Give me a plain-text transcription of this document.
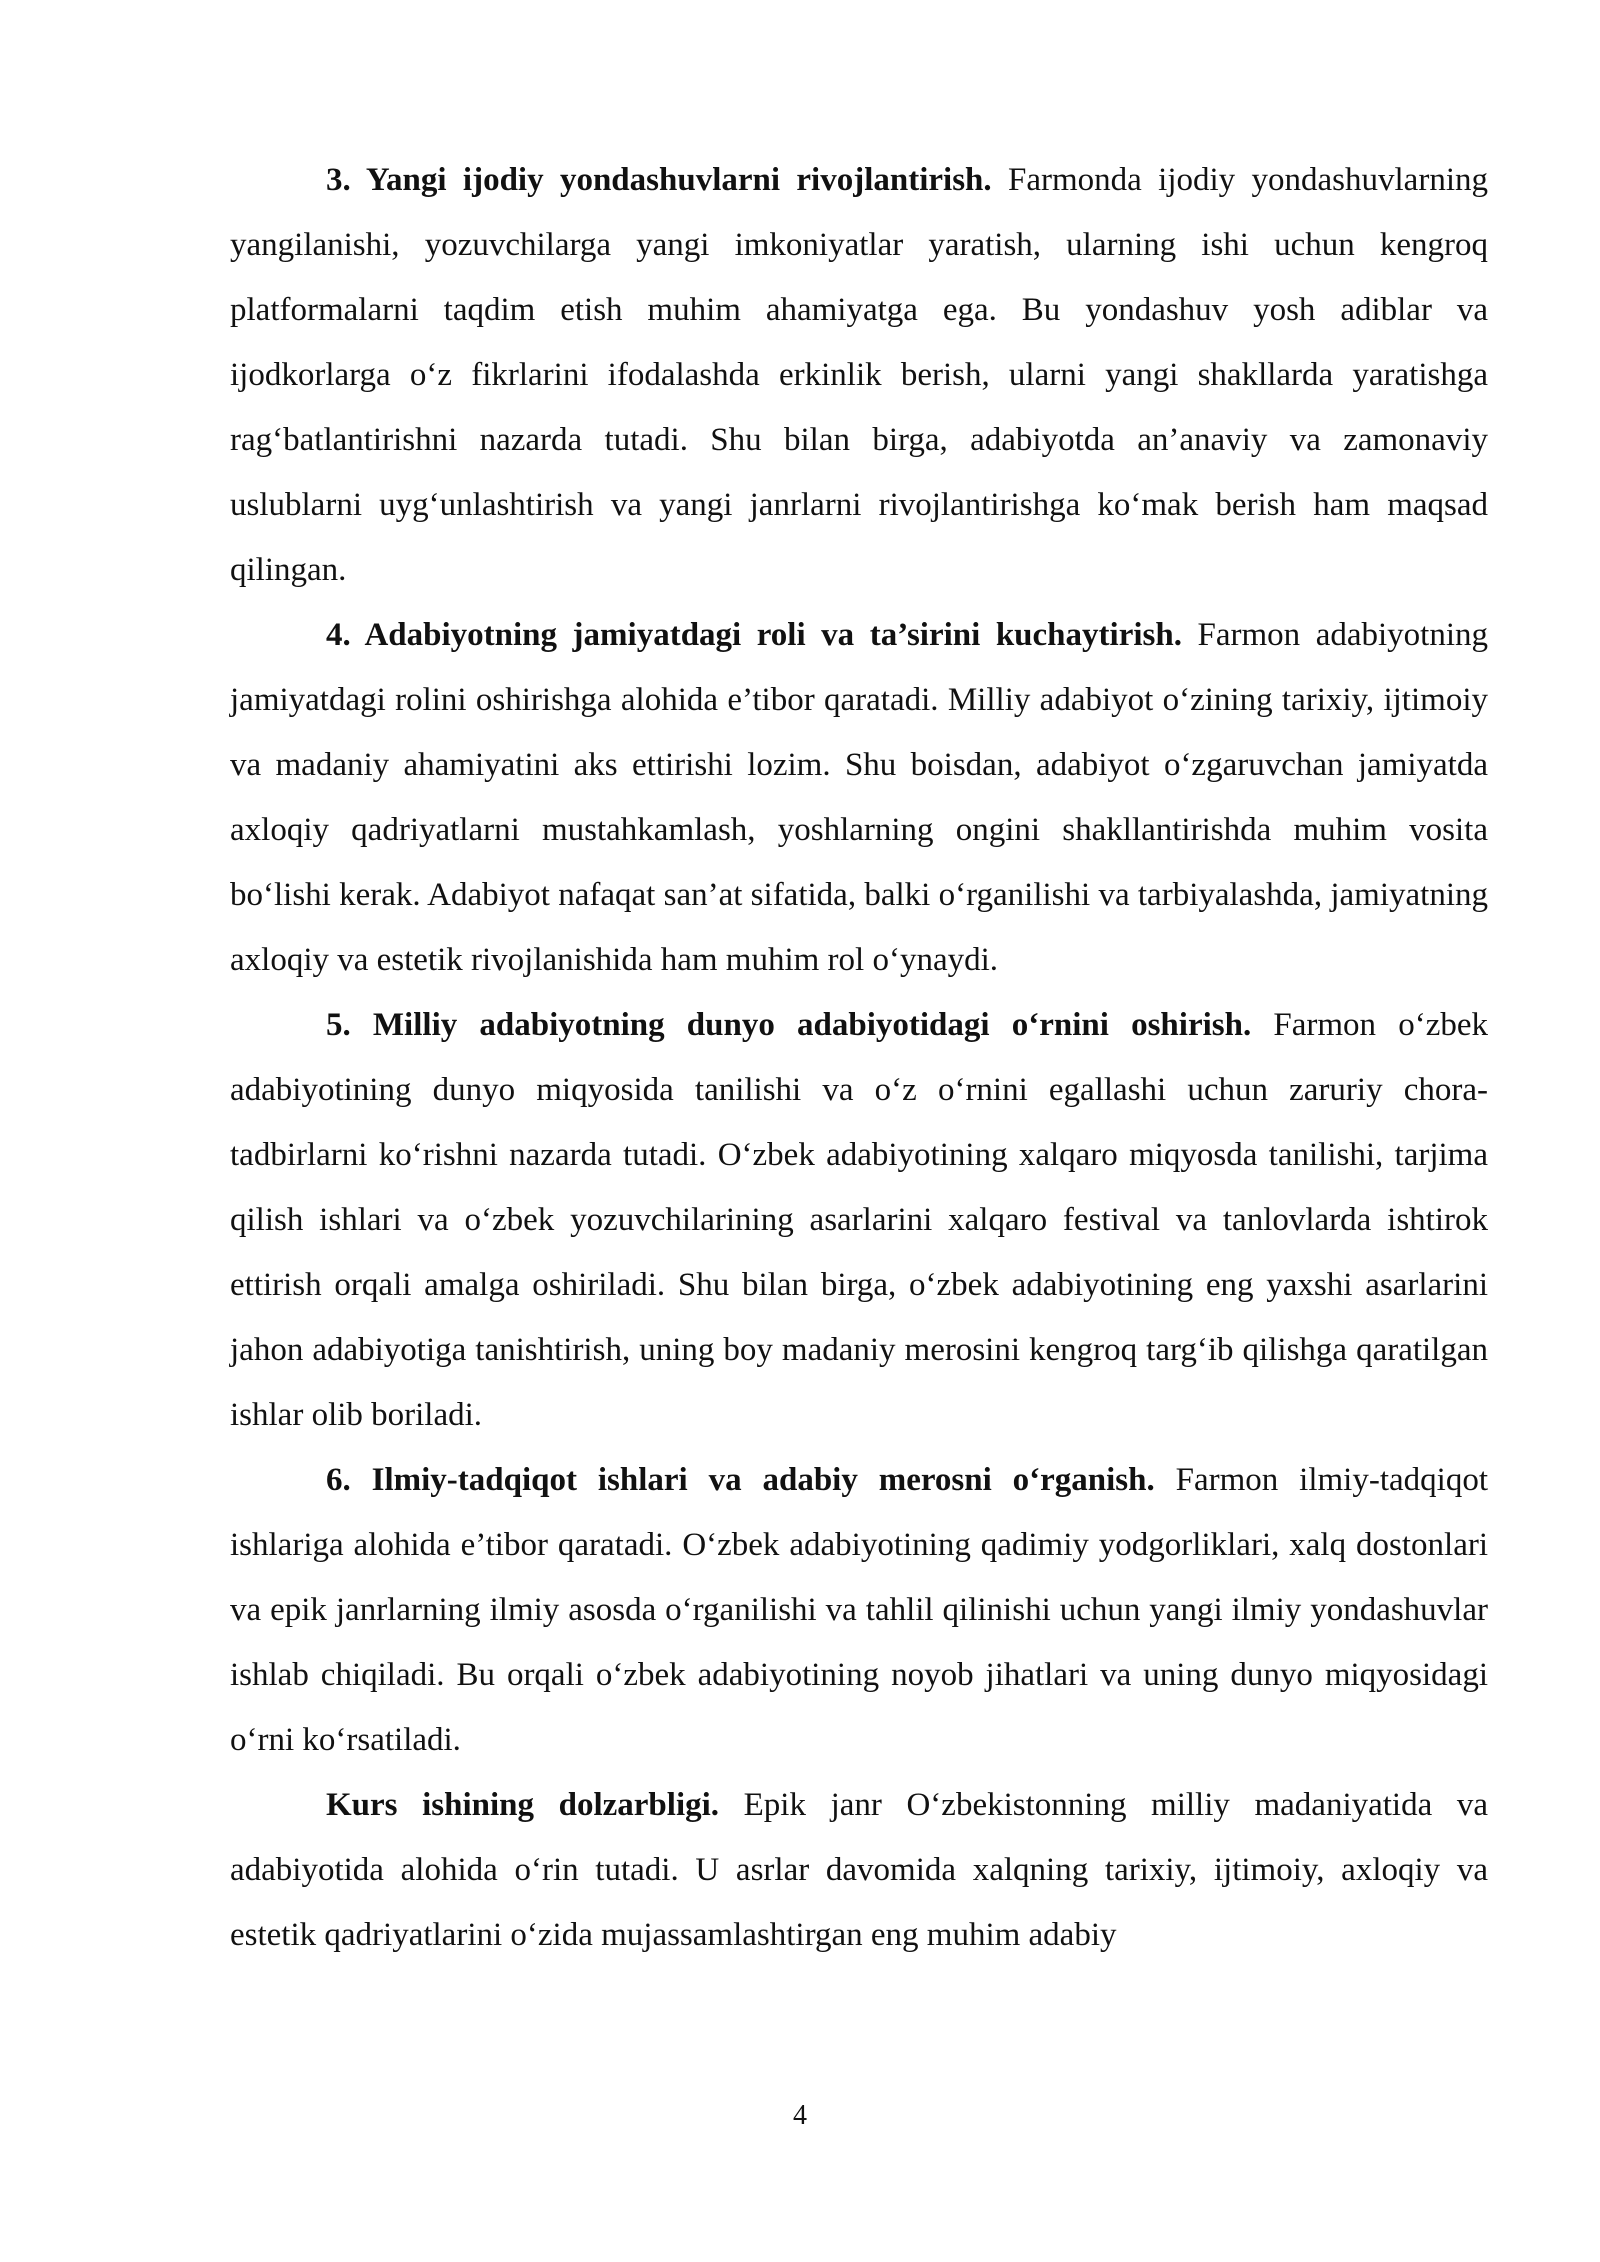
3. Yangi ijodiy yondashuvlarni rivojlantirish. Farmonda ijodiy yondashuvlarning yangilanishi, yozuvchilarga yangi imkoniyatlar yaratish, ularning ishi uchun kengroq platformalarni taqdim etish muhim ahamiyatga ega. Bu yondashuv yosh adiblar va ijodkorlarga o‘z fikrlarini ifodalashda erkinlik berish, ularni yangi shakllarda yaratishga rag‘batlantirishni nazarda tutadi. Shu bilan birga, adabiyotda an’anaviy va zamonaviy uslublarni uyg‘unlashtirish va yangi janrlarni rivojlantirishga ko‘mak berish ham maqsad qilingan.

4. Adabiyotning jamiyatdagi roli va ta’sirini kuchaytirish. Farmon adabiyotning jamiyatdagi rolini oshirishga alohida e’tibor qaratadi. Milliy adabiyot o‘zining tarixiy, ijtimoiy va madaniy ahamiyatini aks ettirishi lozim. Shu boisdan, adabiyot o‘zgaruvchan jamiyatda axloqiy qadriyatlarni mustahkamlash, yoshlarning ongini shakllantirishda muhim vosita bo‘lishi kerak. Adabiyot nafaqat san’at sifatida, balki o‘rganilishi va tarbiyalashda, jamiyatning axloqiy va estetik rivojlanishida ham muhim rol o‘ynaydi.

5. Milliy adabiyotning dunyo adabiyotidagi o‘rnini oshirish. Farmon o‘zbek adabiyotining dunyo miqyosida tanilishi va o‘z o‘rnini egallashi uchun zaruriy chora-tadbirlarni ko‘rishni nazarda tutadi. O‘zbek adabiyotining xalqaro miqyosda tanilishi, tarjima qilish ishlari va o‘zbek yozuvchilarining asarlarini xalqaro festival va tanlovlarda ishtirok ettirish orqali amalga oshiriladi. Shu bilan birga, o‘zbek adabiyotining eng yaxshi asarlarini jahon adabiyotiga tanishtirish, uning boy madaniy merosini kengroq targ‘ib qilishga qaratilgan ishlar olib boriladi.

6. Ilmiy-tadqiqot ishlari va adabiy merosni o‘rganish. Farmon ilmiy-tadqiqot ishlariga alohida e’tibor qaratadi. O‘zbek adabiyotining qadimiy yodgorliklari, xalq dostonlari va epik janrlarning ilmiy asosda o‘rganilishi va tahlil qilinishi uchun yangi ilmiy yondashuvlar ishlab chiqiladi. Bu orqali o‘zbek adabiyotining noyob jihatlari va uning dunyo miqyosidagi o‘rni ko‘rsatiladi.

Kurs ishining dolzarbligi. Epik janr O‘zbekistonning milliy madaniyatida va adabiyotida alohida o‘rin tutadi. U asrlar davomida xalqning tarixiy, ijtimoiy, axloqiy va estetik qadriyatlarini o‘zida mujassamlashtirgan eng muhim adabiy

4
